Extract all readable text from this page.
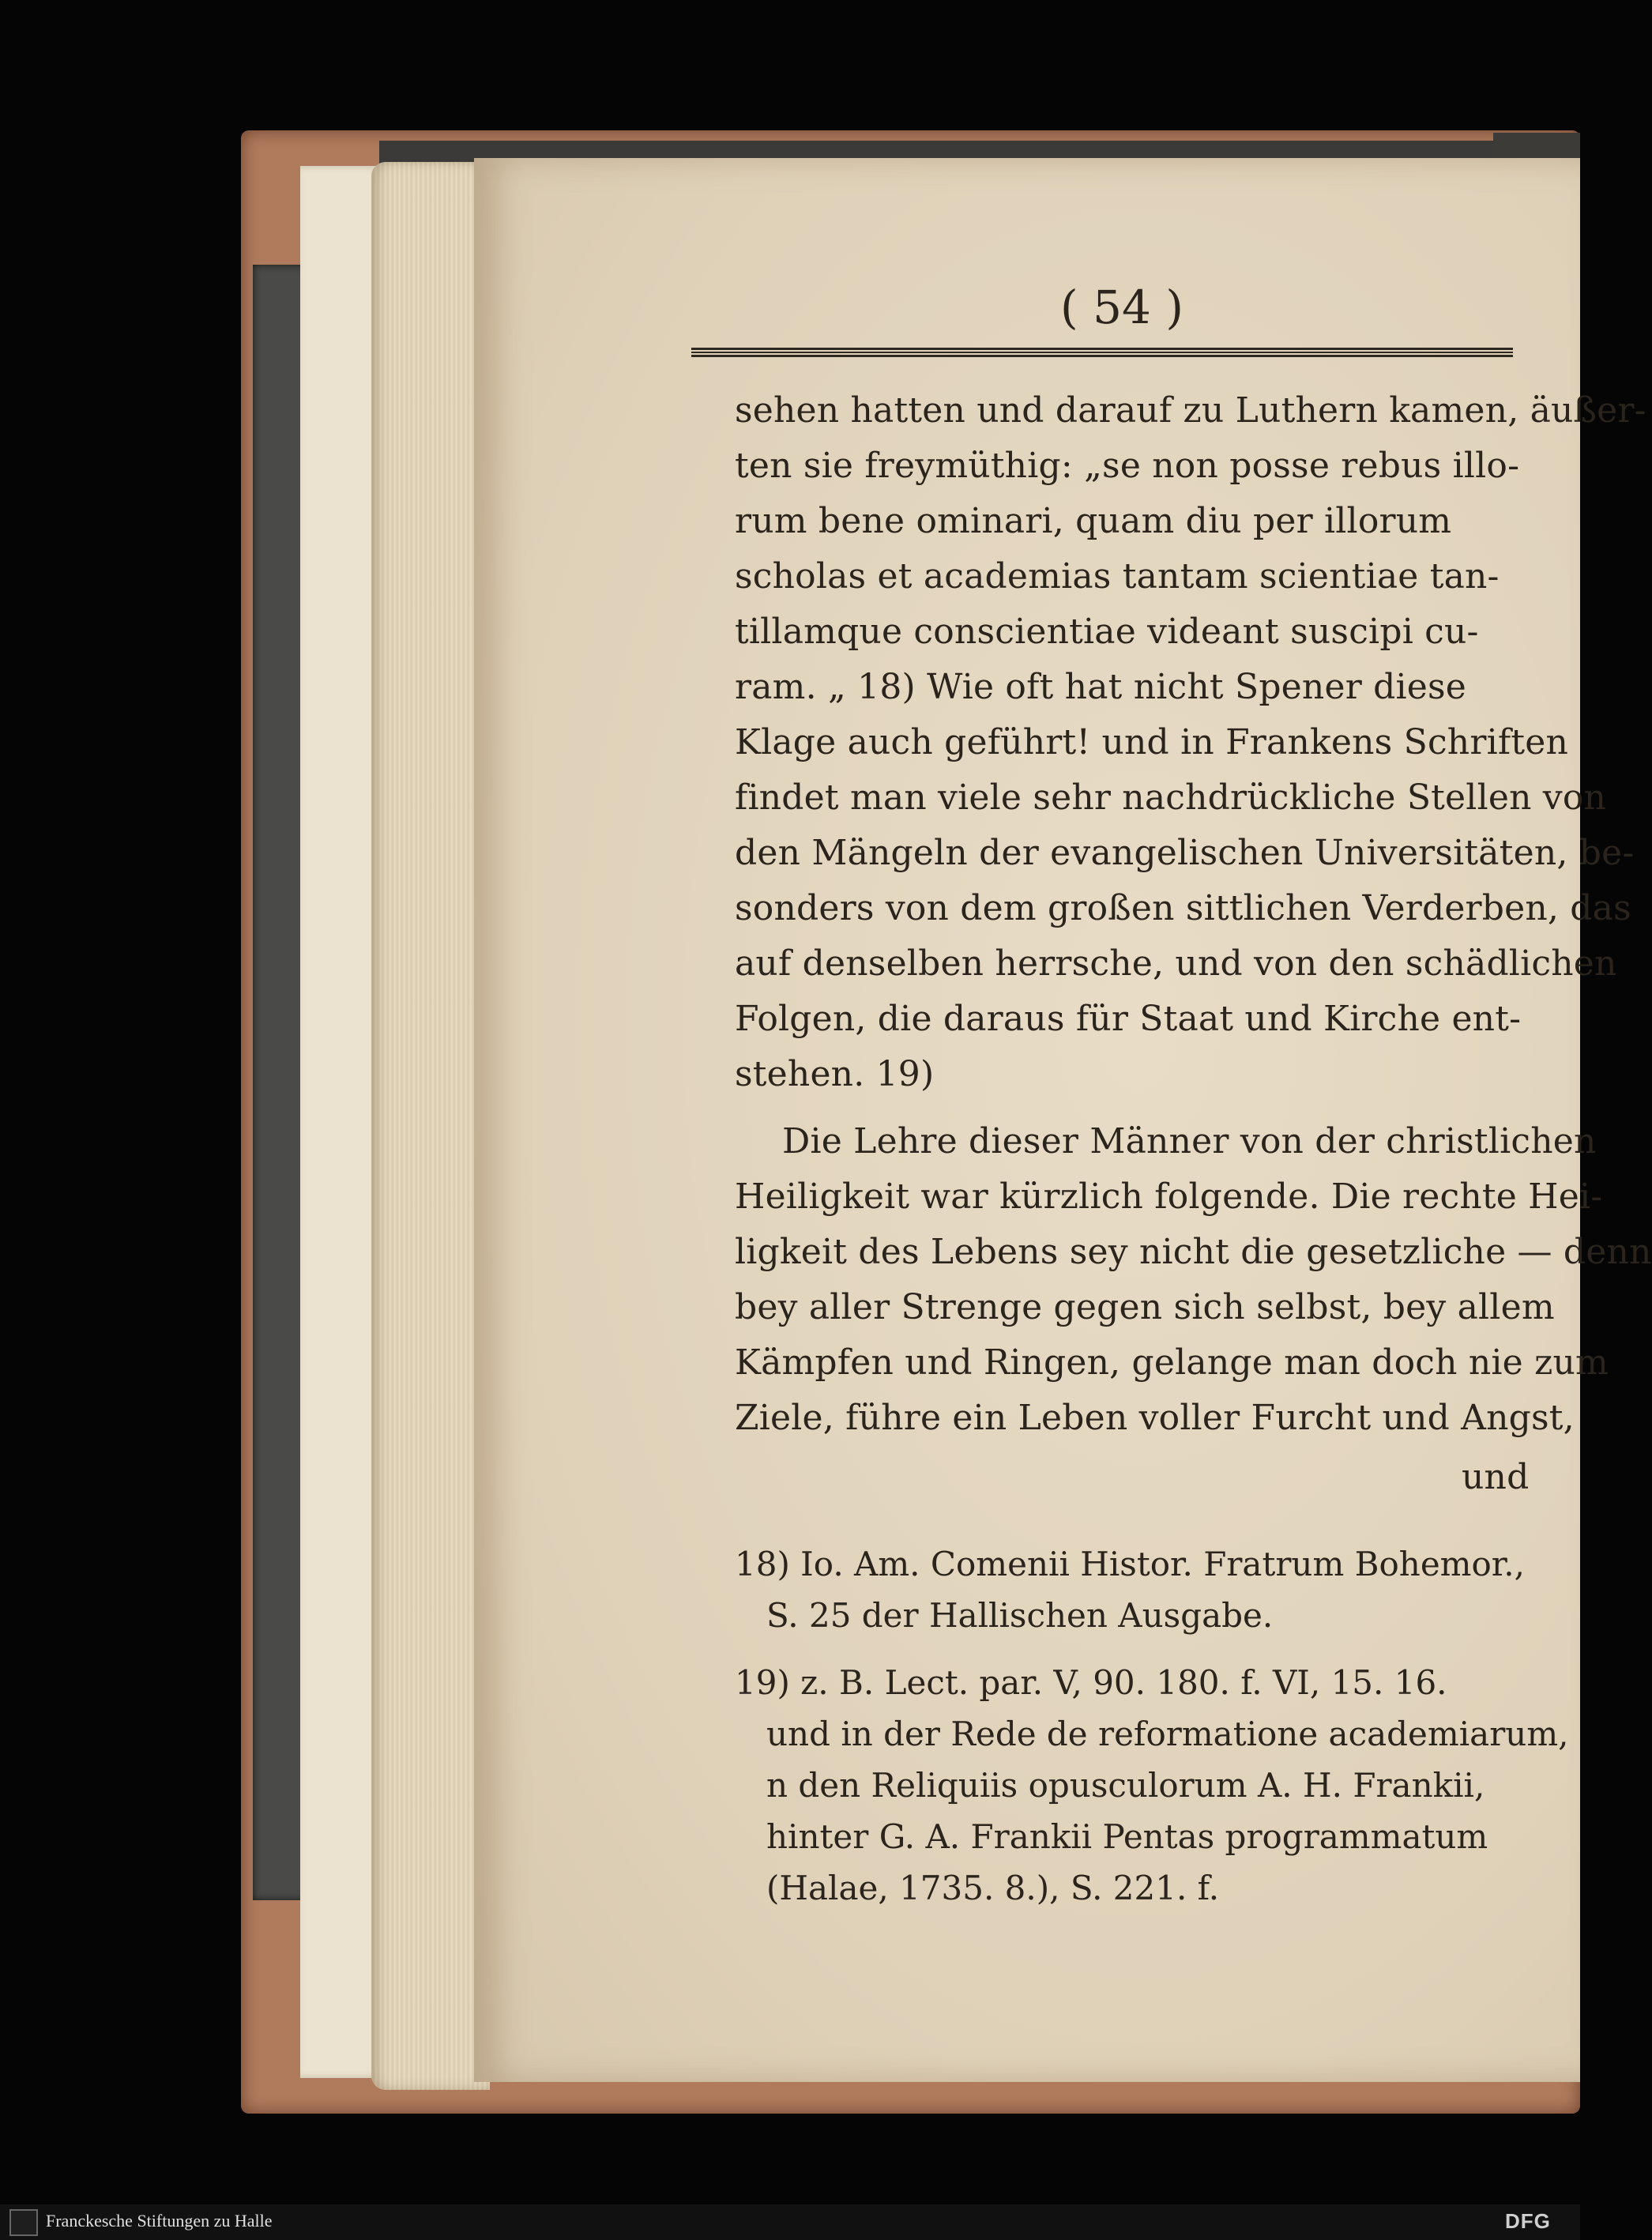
( 54 )
sehen hatten und darauf zu Luthern kamen, äußer-
ten sie freymüthig: „se non posse rebus illo-
rum bene ominari, quam diu per illorum
scholas et academias tantam scientiae tan-
tillamque conscientiae videant suscipi cu-
ram. „ 18) Wie oft hat nicht Spener diese
Klage auch geführt! und in Frankens Schriften
findet man viele sehr nachdrückliche Stellen von
den Mängeln der evangelischen Universitäten, be-
sonders von dem großen sittlichen Verderben, das
auf denselben herrsche, und von den schädlichen
Folgen, die daraus für Staat und Kirche ent-
stehen. 19)
Die Lehre dieser Männer von der christlichen
Heiligkeit war kürzlich folgende. Die rechte Hei-
ligkeit des Lebens sey nicht die gesetzliche — denn
bey aller Strenge gegen sich selbst, bey allem
Kämpfen und Ringen, gelange man doch nie zum
Ziele, führe ein Leben voller Furcht und Angst,
und
18) Io. Am. Comenii Histor. Fratrum Bohemor.,
S. 25 der Hallischen Ausgabe.
19) z. B. Lect. par. V, 90. 180. f. VI, 15. 16.
und in der Rede de reformatione academiarum,
n den Reliquiis opusculorum A. H. Frankii,
hinter G. A. Frankii Pentas programmatum
(Halae, 1735. 8.), S. 221. f.
Franckesche Stiftungen zu Halle	DFG
